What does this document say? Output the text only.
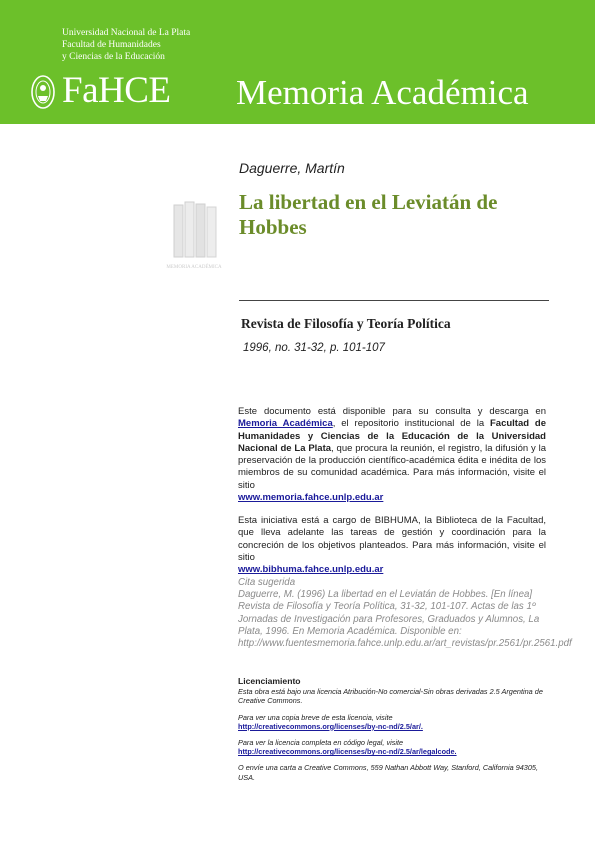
Universidad Nacional de La Plata
Facultad de Humanidades
y Ciencias de la Educación
FaHCE Memoria Académica
Daguerre, Martín
La libertad en el Leviatán de Hobbes
MEMORIA ACADÉMICA
Revista de Filosofía y Teoría Política
1996, no. 31-32, p. 101-107
Este documento está disponible para su consulta y descarga en Memoria Académica, el repositorio institucional de la Facultad de Humanidades y Ciencias de la Educación de la Universidad Nacional de La Plata, que procura la reunión, el registro, la difusión y la preservación de la producción científico-académica édita e inédita de los miembros de su comunidad académica. Para más información, visite el sitio
www.memoria.fahce.unlp.edu.ar
Esta iniciativa está a cargo de BIBHUMA, la Biblioteca de la Facultad, que lleva adelante las tareas de gestión y coordinación para la concreción de los objetivos planteados. Para más información, visite el sitio
www.bibhuma.fahce.unlp.edu.ar
Cita sugerida
Daguerre, M. (1996) La libertad en el Leviatán de Hobbes. [En línea] Revista de Filosofía y Teoría Política, 31-32, 101-107. Actas de las 1º Jornadas de Investigación para Profesores, Graduados y Alumnos, La Plata, 1996. En Memoria Académica. Disponible en: http://www.fuentesmemoria.fahce.unlp.edu.ar/art_revistas/pr.2561/pr.2561.pdf
Licenciamiento
Esta obra está bajo una licencia Atribución-No comercial-Sin obras derivadas 2.5 Argentina de Creative Commons.
Para ver una copia breve de esta licencia, visite
http://creativecommons.org/licenses/by-nc-nd/2.5/ar/.
Para ver la licencia completa en código legal, visite
http://creativecommons.org/licenses/by-nc-nd/2.5/ar/legalcode.
O envíe una carta a Creative Commons, 559 Nathan Abbott Way, Stanford, California 94305, USA.
